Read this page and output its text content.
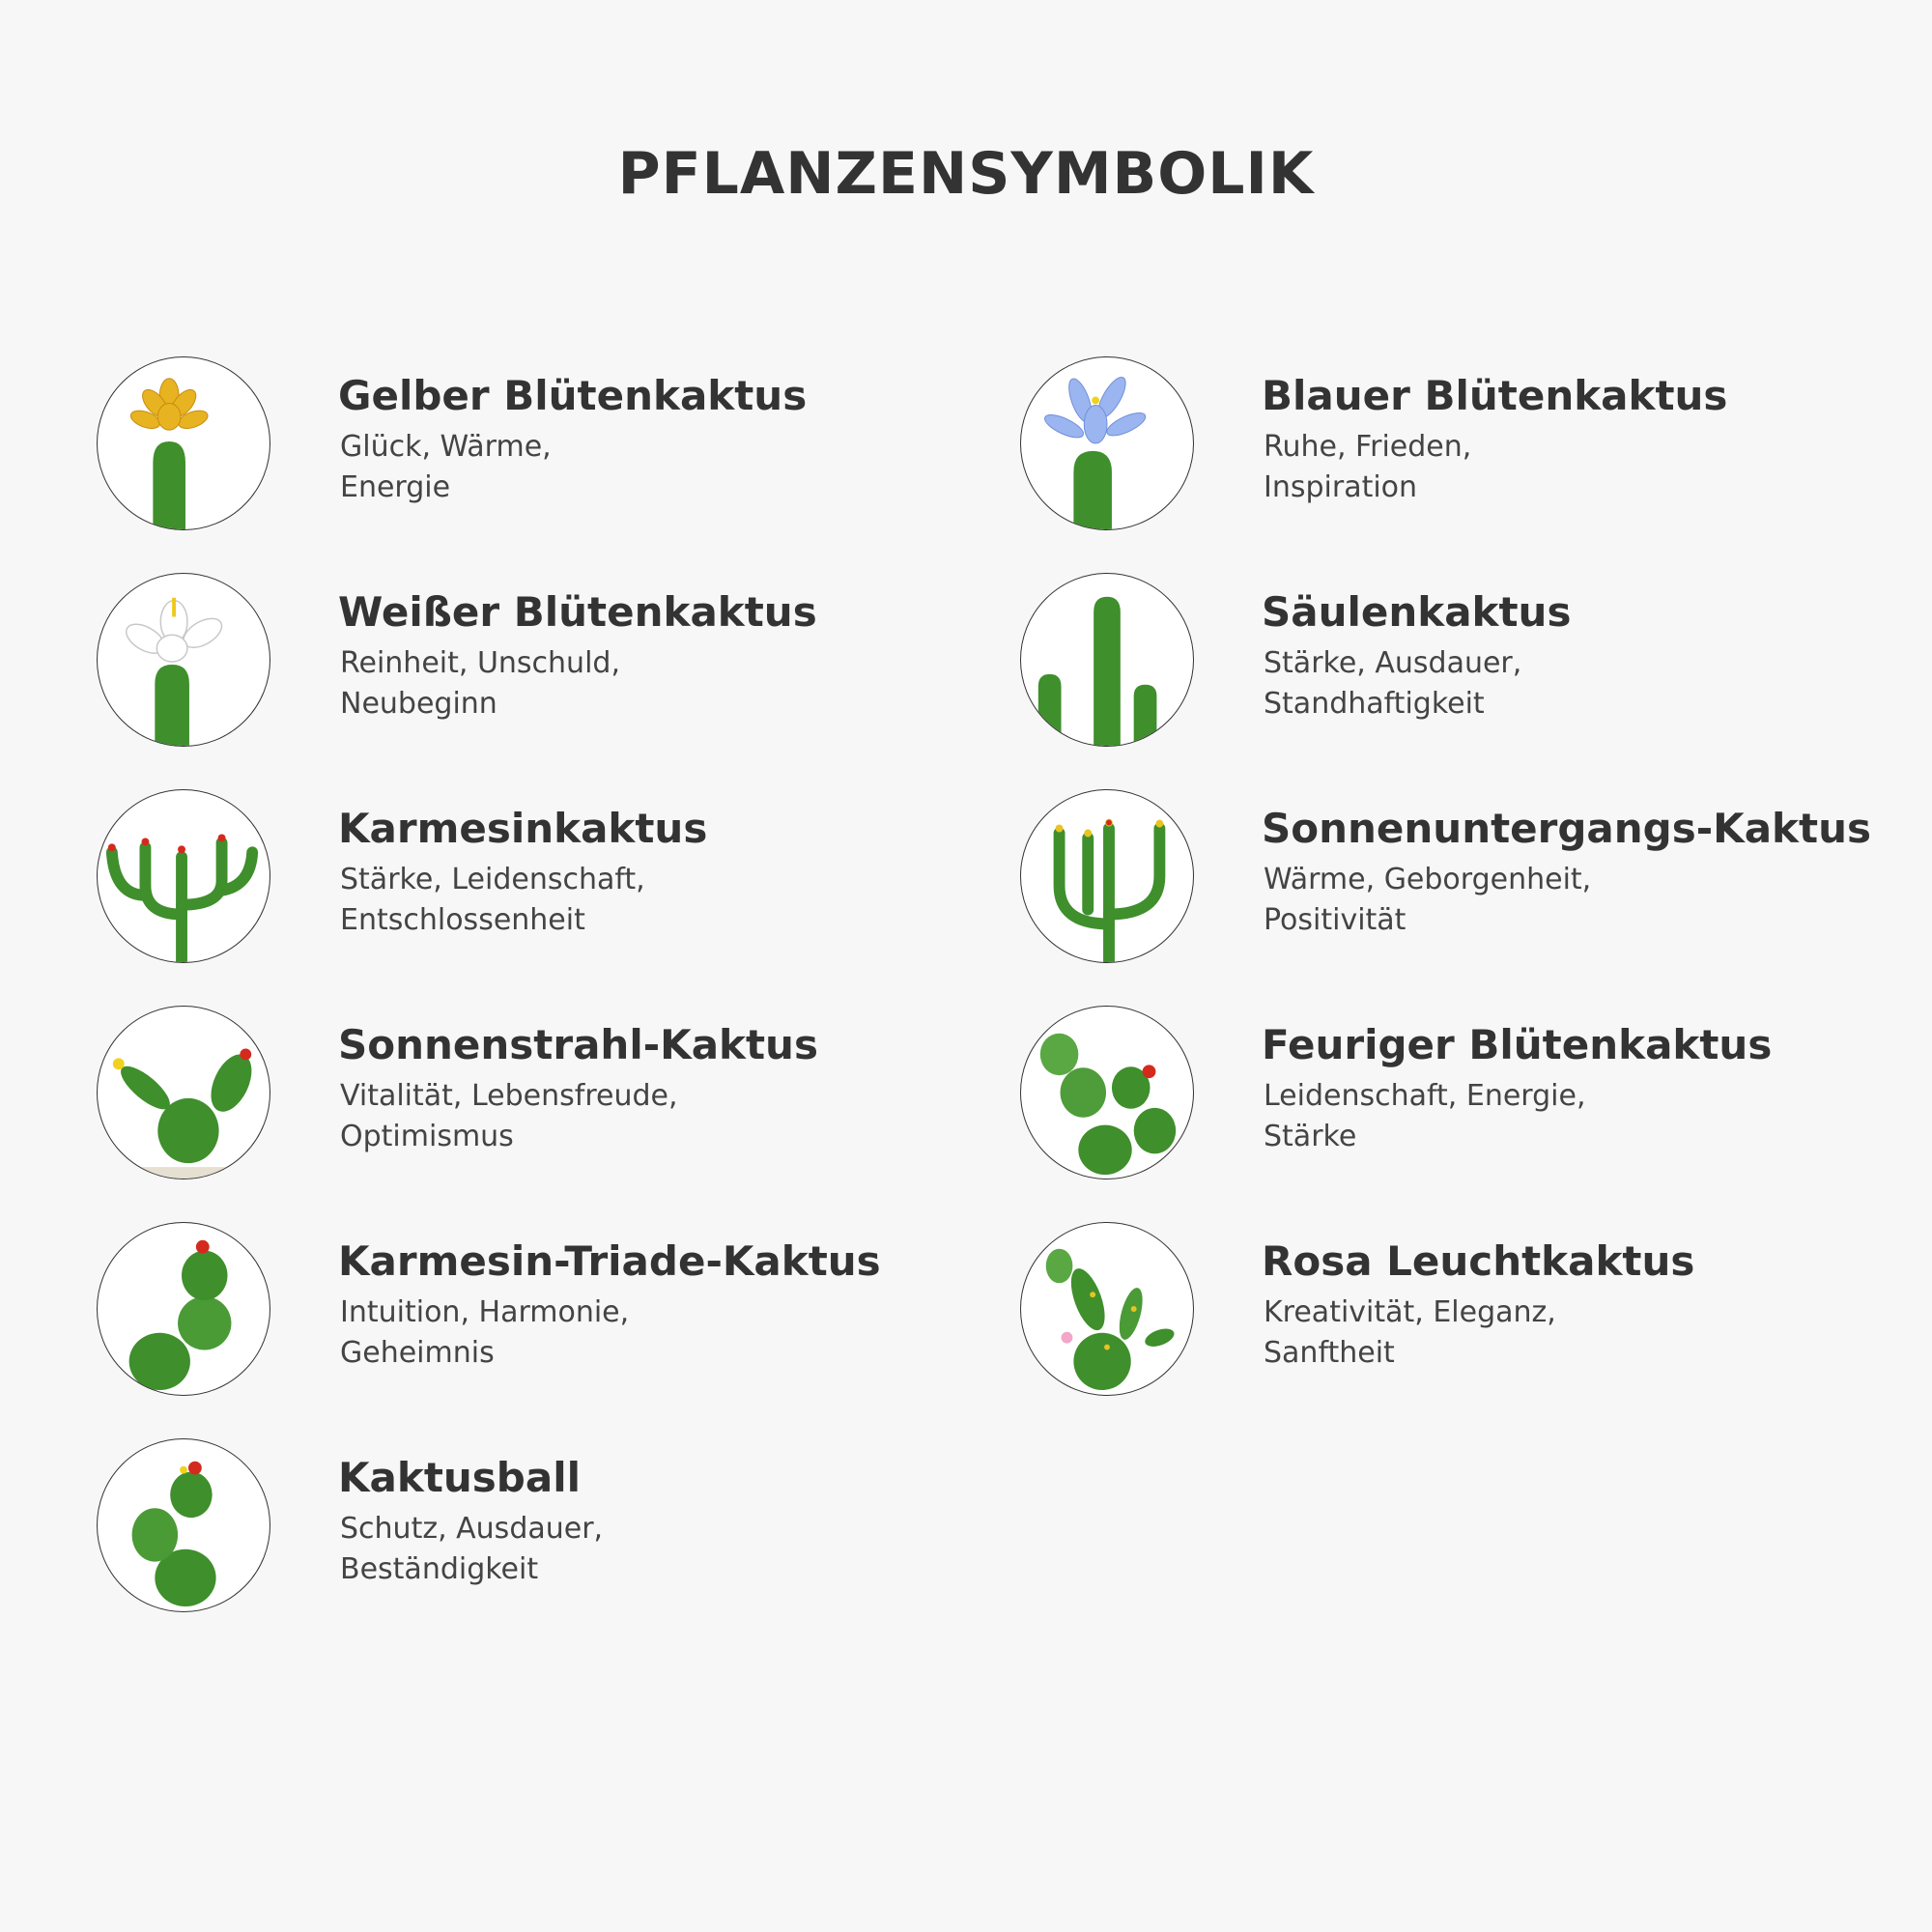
PFLANZENSYMBOLIK
Gelber Blütenkaktus
Glück, Wärme,
Energie
Blauer Blütenkaktus
Ruhe, Frieden,
Inspiration
Weißer Blütenkaktus
Reinheit, Unschuld,
Neubeginn
Säulenkaktus
Stärke, Ausdauer,
Standhaftigkeit
Karmesinkaktus
Stärke, Leidenschaft,
Entschlossenheit
Sonnenuntergangs-Kaktus
Wärme, Geborgenheit,
Positivität
Sonnenstrahl-Kaktus
Vitalität, Lebensfreude,
Optimismus
Feuriger Blütenkaktus
Leidenschaft, Energie,
Stärke
Karmesin-Triade-Kaktus
Intuition, Harmonie,
Geheimnis
Rosa Leuchtkaktus
Kreativität, Eleganz,
Sanftheit
Kaktusball
Schutz, Ausdauer,
Beständigkeit
